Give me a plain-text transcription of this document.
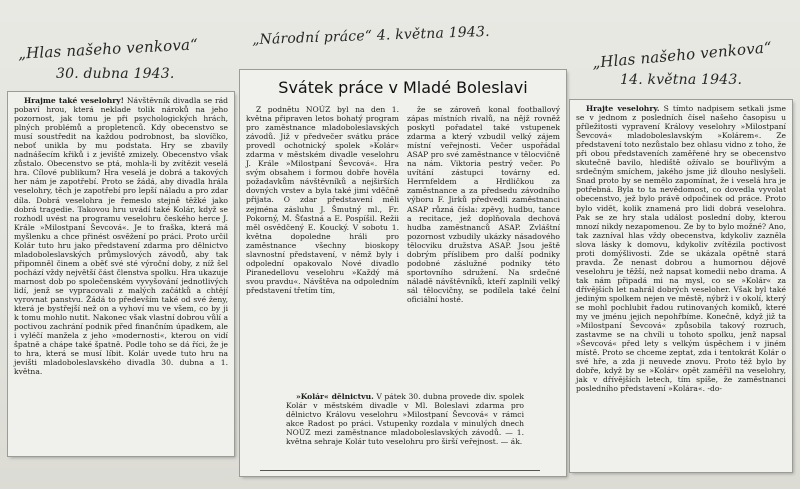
„Hlas našeho venkova“
30. dubna 1943.
„Národní práce“ 4. května 1943.
„Hlas našeho venkova“
14. května 1943.

Hrajme také veselohry! Návštěvník divadla se rád pobaví hrou, která neklade tolik nároků na jeho pozornost, jak tomu je při psychologických hrách, plných problémů a propletenců. Kdy obecenstvo se musí soustředit na každou podrobnost, ba slovíčko, neboť unikla by mu podstata. Hry se zbavily nadnášecím křiků i z jeviště zmizely. Obecenstvo však zůstalo. Obecenstvo se ptá, mohla-li by zvítězit veselá hra. Cílové publikum? Hra veselá je dobrá a takových her nám je zapotřebí. Proto se žádá, aby divadla hrála veselohry, těch je zapotřebí pro lepší náladu a pro zdar díla. Dobrá veselohra je řemeslo stejně těžké jako dobrá tragedie. Takovou hru uvádí také Kolár, když se rozhodl uvést na programu veselohru českého herce J. Krále »Milostpaní Ševcová«. Je to fraška, která má myšlenku a chce přinést osvěžení po práci. Proto určil Kolár tuto hru jako představení zdarma pro dělnictvo mladoboleslavských průmyslových závodů, aby tak připomněl činem a oběť své sté výroční doby, z níž šel pochází vždy největší část členstva spolku. Hra ukazuje marnost dob po společenském vyvyšování jednotlivých lidí, jenž se vypracovali z malých začátků a chtějí vyrovnat panstvu. Žádá to především také od své ženy, která je bystřejší než on a vyhoví mu ve všem, co by ji k tomu mohlo nutit. Nakonec však vlastní dobrou vůlí a poctivou zachrání podnik před finančním úpadkem, ale i vyléčí manžela z jeho »modernosti«, kterou on vidí špatně a chápe také špatně. Podle toho se dá říci, že je to hra, která se musí líbit. Kolár uvede tuto hru na jevišti mladoboleslavského divadla 30. dubna a 1. května.

Svátek práce v Mladé Boleslavi

Z podnětu NOÚZ byl na den 1. května připraven letos bohatý program pro zaměstnance mladoboleslavských závodů. Již v předvečer svátku práce provedl ochotnický spolek »Kolár« zdarma v městském divadle veselohru J. Krále »Milostpaní Ševcová«. Hra svým obsahem i formou dobře hověla požadavkům návštěvníků a nejširších dovných vrstev a byla také jimi vděčně přijata. O zdar představení měli zejména zásluhu J. Šmutný ml., Fr. Pokorný, M. Šťastná a E. Pospíšil. Režii měl osvědčený E. Koucký. V sobotu 1. května dopoledne hráli pro zaměstnance všechny bioskopy slavnostní představení, v němž byly i odpolední opakovalo Nové divadlo Piranedellovu veselohru »Každý má svou pravdu«. Návštěva na odpoledním představení třetím tím,

že se zároveň konal footballový zápas místních rivalů, na nějž rovněž poskytl pořadatel také vstupenek zdarma a který vzbudil velký zájem místní veřejnosti. Večer uspořádal ASAP pro své zaměstnance v tělocvičně na nám. Viktoria pestrý večer. Po uvítání zástupci továrny ed. Herrnfeldem a Hrdličkou za zaměstnance a za předsedu závodního výboru F. Jirků předvedli zaměstnanci ASAP různá čísla: zpěvy, hudbu, tance a recitace, jež doplňovala dechová hudba zaměstnanců ASAP. Zvláštní pozornost vzbudily ukázky násadového tělocviku družstva ASAP. Jsou ještě dobrým příslibem pro další podniky podobné záslužné podniky této sportovního sdružení. Na srdečné náladě návštěvníků, kteří zaplnili velký sál tělocvičny, se podílela také čelní oficiální hosté.

»Kolár« dělnictvu. V pátek 30. dubna provede div. spolek Kolár v městském divadle v Ml. Boleslavi zdarma pro dělnictvo Královu veselohru »Milostpaní Ševcová« v rámci akce Radost po práci. Vstupenky rozdala v minulých dnech NOÚZ mezi zaměstnance mladoboleslavských závodů. — 1. května sehraje Kolár tuto veselohru pro širší veřejnost. — ák.

Hrajte veselohry. S tímto nadpisem setkali jsme se v jednom z posledních čísel našeho časopisu u příležitosti vypravení Královy veselohry »Milostpaní Ševcová« mladoboleslavským »Kolárem«. Ze představení toto nezůstalo bez ohlasu vidno z toho, že při obou představeních zaměřené hry se obecenstvo skutečně bavilo, hlediště ožívalo se bouřlivým a srdečným smíchem, jakého jsme již dlouho neslyšeli. Snad proto by se nemělo zapomínat, že i veselá hra je potřebná. Byla to ta nevědomost, co dovedla vyvolat obecenstvo, jež bylo právě odpočinek od práce. Proto bylo vidět, kolik znamená pro lidi dobrá veselohra. Pak se ze hry stala událost poslední doby, kterou mnozí nikdy nezapomenou. Ze by to bylo možné? Ano, tak zazníval hlas vždy obecenstva, kdykoliv zazněla slova lásky k domovu, kdykoliv zvítězila poctivost proti domýšlivosti. Zde se ukázala opětně stará pravda. Že nenast dobrou a humornou dějově veselohru je těžší, než napsat komedii nebo drama. A tak nám připadá mi na mysl, co se »Kolár« za dřívějších let nahrál dobrých veseloher. Však byl také jediným spolkem nejen ve městě, nýbrž i v okolí, který se mohl pochlubit řadou rutinovaných komiků, které my ve jménu jejich nepohřbíme. Konečně, když již ta »Milostpaní Ševcová« způsobila takový rozruch, zastavme se na chvíli u tohoto spolku, jenž napsal »Ševcová« před lety s velkým úspěchem i v jiném místě. Proto se chceme zeptat, zda i tentokrát Kolár o své hře, a zda ji neuvede znovu. Proto též bylo by dobře, když by se »Kolár« opět zaměřil na veselohry, jak v dřívějších letech, tím spíše, že zaměstnanci posledního představení »Kolára«. -do-
